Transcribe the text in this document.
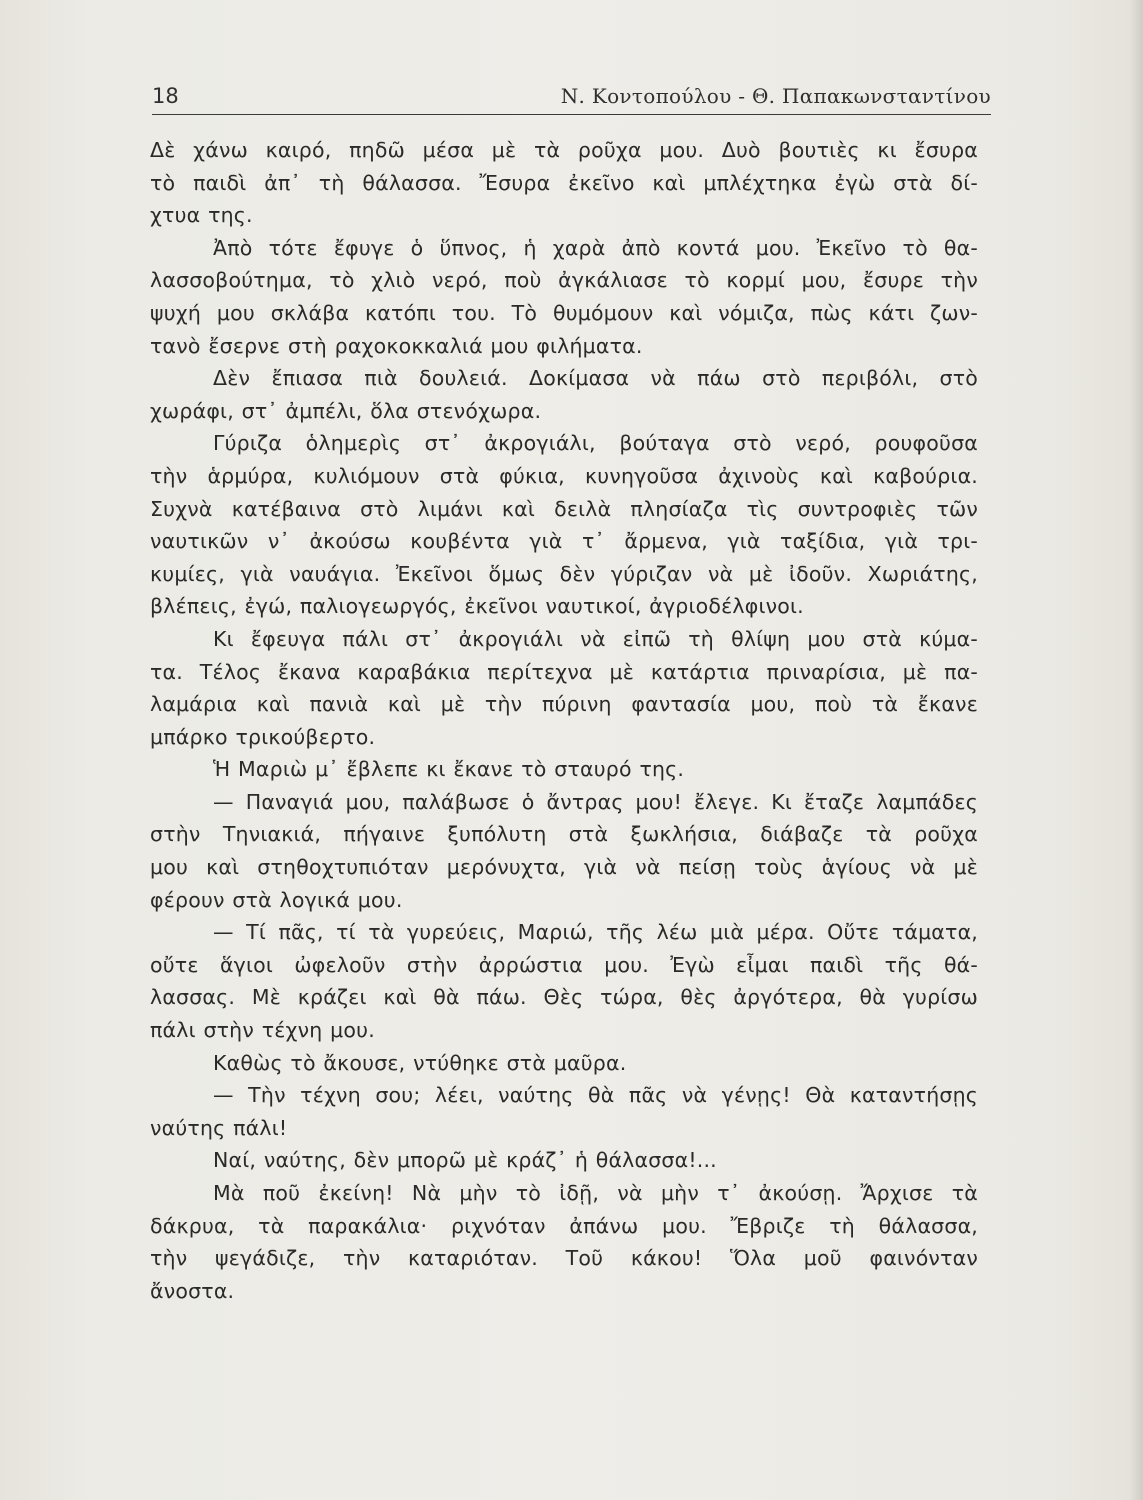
18	Ν. Κοντοπούλου - Θ. Παπακωνσταντίνου
Δὲ χάνω καιρό, πηδῶ μέσα μὲ τὰ ροῦχα μου. Δυὸ βουτιὲς κι ἔσυρα
τὸ παιδὶ ἀπ᾽ τὴ θάλασσα. Ἔσυρα ἐκεῖνο καὶ μπλέχτηκα ἐγὼ στὰ δί-
χτυα της.
Ἀπὸ τότε ἔφυγε ὁ ὕπνος, ἡ χαρὰ ἀπὸ κοντά μου. Ἐκεῖνο τὸ θα-
λασσοβούτημα, τὸ χλιὸ νερό, ποὺ ἀγκάλιασε τὸ κορμί μου, ἔσυρε τὴν
ψυχή μου σκλάβα κατόπι του. Τὸ θυμόμουν καὶ νόμιζα, πὼς κάτι ζων-
τανὸ ἔσερνε στὴ ραχοκοκκαλιά μου φιλήματα.
Δὲν ἔπιασα πιὰ δουλειά. Δοκίμασα νὰ πάω στὸ περιβόλι, στὸ
χωράφι, στ᾽ ἀμπέλι, ὅλα στενόχωρα.
Γύριζα ὁλημερὶς στ᾽ ἀκρογιάλι, βούταγα στὸ νερό, ρουφοῦσα
τὴν ἁρμύρα, κυλιόμουν στὰ φύκια, κυνηγοῦσα ἀχινοὺς καὶ καβούρια.
Συχνὰ κατέβαινα στὸ λιμάνι καὶ δειλὰ πλησίαζα τὶς συντροφιὲς τῶν
ναυτικῶν ν᾽ ἀκούσω κουβέντα γιὰ τ᾽ ἄρμενα, γιὰ ταξίδια, γιὰ τρι-
κυμίες, γιὰ ναυάγια. Ἐκεῖνοι ὅμως δὲν γύριζαν νὰ μὲ ἰδοῦν. Χωριάτης,
βλέπεις, ἐγώ, παλιογεωργός, ἐκεῖνοι ναυτικοί, ἀγριοδέλφινοι.
Κι ἔφευγα πάλι στ᾽ ἀκρογιάλι νὰ εἰπῶ τὴ θλίψη μου στὰ κύμα-
τα. Τέλος ἔκανα καραβάκια περίτεχνα μὲ κατάρτια πριναρίσια, μὲ πα-
λαμάρια καὶ πανιὰ καὶ μὲ τὴν πύρινη φαντασία μου, ποὺ τὰ ἔκανε
μπάρκο τρικούβερτο.
Ἡ Μαριὼ μ᾽ ἔβλεπε κι ἔκανε τὸ σταυρό της.
— Παναγιά μου, παλάβωσε ὁ ἄντρας μου! ἔλεγε. Κι ἔταζε λαμπάδες
στὴν Τηνιακιά, πήγαινε ξυπόλυτη στὰ ξωκλήσια, διάβαζε τὰ ροῦχα
μου καὶ στηθοχτυπιόταν μερόνυχτα, γιὰ νὰ πείσῃ τοὺς ἁγίους νὰ μὲ
φέρουν στὰ λογικά μου.
— Τί πᾶς, τί τὰ γυρεύεις, Μαριώ, τῆς λέω μιὰ μέρα. Οὔτε τάματα,
οὔτε ἅγιοι ὠφελοῦν στὴν ἀρρώστια μου. Ἐγὼ εἶμαι παιδὶ τῆς θά-
λασσας. Μὲ κράζει καὶ θὰ πάω. Θὲς τώρα, θὲς ἀργότερα, θὰ γυρίσω
πάλι στὴν τέχνη μου.
Καθὼς τὸ ἄκουσε, ντύθηκε στὰ μαῦρα.
— Τὴν τέχνη σου; λέει, ναύτης θὰ πᾶς νὰ γένῃς! Θὰ καταντήσῃς
ναύτης πάλι!
Ναί, ναύτης, δὲν μπορῶ μὲ κράζ᾽ ἡ θάλασσα!...
Μὰ ποῦ ἐκείνη! Νὰ μὴν τὸ ἰδῇ, νὰ μὴν τ᾽ ἀκούσῃ. Ἄρχισε τὰ
δάκρυα, τὰ παρακάλια· ριχνόταν ἀπάνω μου. Ἔβριζε τὴ θάλασσα,
τὴν ψεγάδιζε, τὴν καταριόταν. Τοῦ κάκου! Ὅλα μοῦ φαινόνταν
ἄνοστα.
